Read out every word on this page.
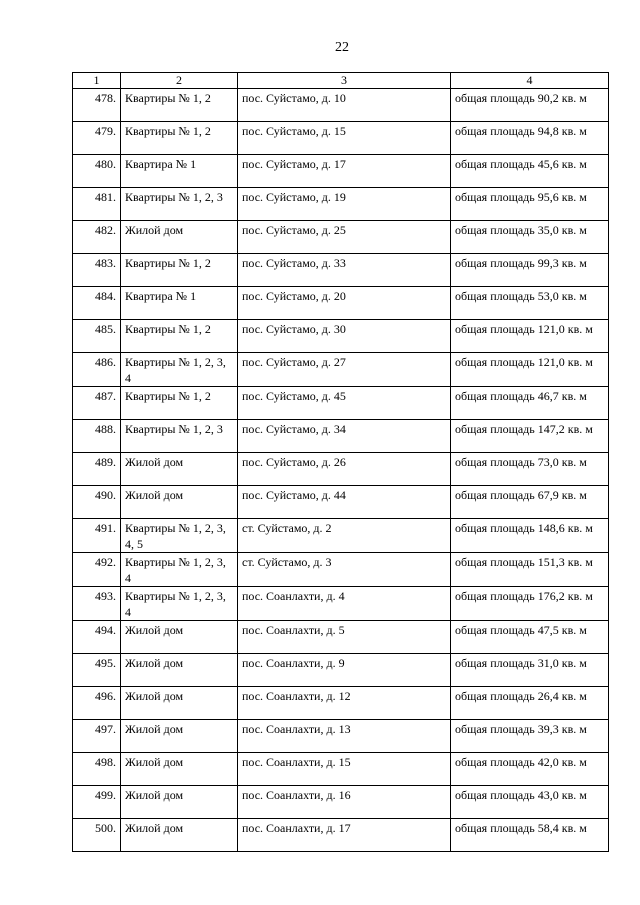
22
1	2	3	4
478.	Квартиры № 1, 2	пос. Суйстамо, д. 10	общая площадь 90,2 кв. м
479.	Квартиры № 1, 2	пос. Суйстамо, д. 15	общая площадь 94,8 кв. м
480.	Квартира № 1	пос. Суйстамо, д. 17	общая площадь 45,6 кв. м
481.	Квартиры № 1, 2, 3	пос. Суйстамо, д. 19	общая площадь 95,6 кв. м
482.	Жилой дом	пос. Суйстамо, д. 25	общая площадь 35,0 кв. м
483.	Квартиры № 1, 2	пос. Суйстамо, д. 33	общая площадь 99,3 кв. м
484.	Квартира № 1	пос. Суйстамо, д. 20	общая площадь 53,0 кв. м
485.	Квартиры № 1, 2	пос. Суйстамо, д. 30	общая площадь 121,0 кв. м
486.	Квартиры № 1, 2, 3, 4	пос. Суйстамо, д. 27	общая площадь 121,0 кв. м
487.	Квартиры № 1, 2	пос. Суйстамо, д. 45	общая площадь 46,7 кв. м
488.	Квартиры № 1, 2, 3	пос. Суйстамо, д. 34	общая площадь 147,2 кв. м
489.	Жилой дом	пос. Суйстамо, д. 26	общая площадь 73,0 кв. м
490.	Жилой дом	пос. Суйстамо, д. 44	общая площадь 67,9 кв. м
491.	Квартиры № 1, 2, 3, 4, 5	ст. Суйстамо, д. 2	общая площадь 148,6 кв. м
492.	Квартиры № 1, 2, 3, 4	ст. Суйстамо, д. 3	общая площадь 151,3 кв. м
493.	Квартиры № 1, 2, 3, 4	пос. Соанлахти, д. 4	общая площадь 176,2 кв. м
494.	Жилой дом	пос. Соанлахти, д. 5	общая площадь 47,5 кв. м
495.	Жилой дом	пос. Соанлахти, д. 9	общая площадь 31,0 кв. м
496.	Жилой дом	пос. Соанлахти, д. 12	общая площадь 26,4 кв. м
497.	Жилой дом	пос. Соанлахти, д. 13	общая площадь 39,3 кв. м
498.	Жилой дом	пос. Соанлахти, д. 15	общая площадь 42,0 кв. м
499.	Жилой дом	пос. Соанлахти, д. 16	общая площадь 43,0 кв. м
500.	Жилой дом	пос. Соанлахти, д. 17	общая площадь 58,4 кв. м
